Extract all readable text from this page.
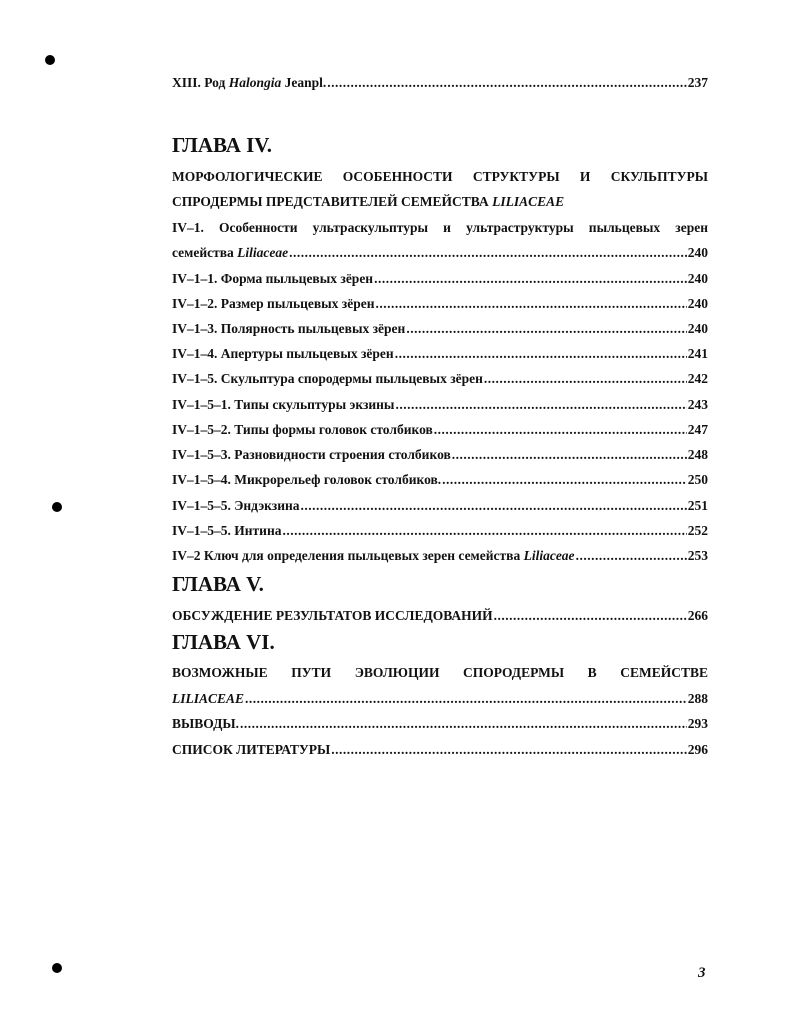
XIII. Род Halongia Jeanpl. .....	237
ГЛАВА IV.
МОРФОЛОГИЧЕСКИЕ ОСОБЕННОСТИ СТРУКТУРЫ И СКУЛЬПТУРЫ
СПРОДЕРМЫ ПРЕДСТАВИТЕЛЕЙ СЕМЕЙСТВА LILIACEAE
IV–1. Особенности ультраскульптуры и ультраструктуры пыльцевых зерен
семейства Liliaceae .....	240
IV–1–1. Форма пыльцевых зёрен .....	240
IV–1–2. Размер пыльцевых зёрен .....	240
IV–1–3. Полярность пыльцевых зёрен .....	240
IV–1–4. Апертуры пыльцевых зёрен .....	241
IV–1–5. Скульптура спородермы пыльцевых зёрен .....	242
IV–1–5–1. Типы скульптуры экзины .....	243
IV–1–5–2. Типы формы головок столбиков .....	247
IV–1–5–3. Разновидности строения столбиков .....	248
IV–1–5–4. Микрорельеф головок столбиков. .....	250
IV–1–5–5. Эндэкзина .....	251
IV–1–5–5. Интина .....	252
IV–2 Ключ для определения пыльцевых зерен семейства Liliaceae .....	253
ГЛАВА V.
ОБСУЖДЕНИЕ РЕЗУЛЬТАТОВ ИССЛЕДОВАНИЙ .....	266
ГЛАВА VI.
ВОЗМОЖНЫЕ ПУТИ ЭВОЛЮЦИИ СПОРОДЕРМЫ В СЕМЕЙСТВЕ
LILIACEAE .....	288
ВЫВОДЫ. .....	293
СПИСОК ЛИТЕРАТУРЫ .....	296
3
